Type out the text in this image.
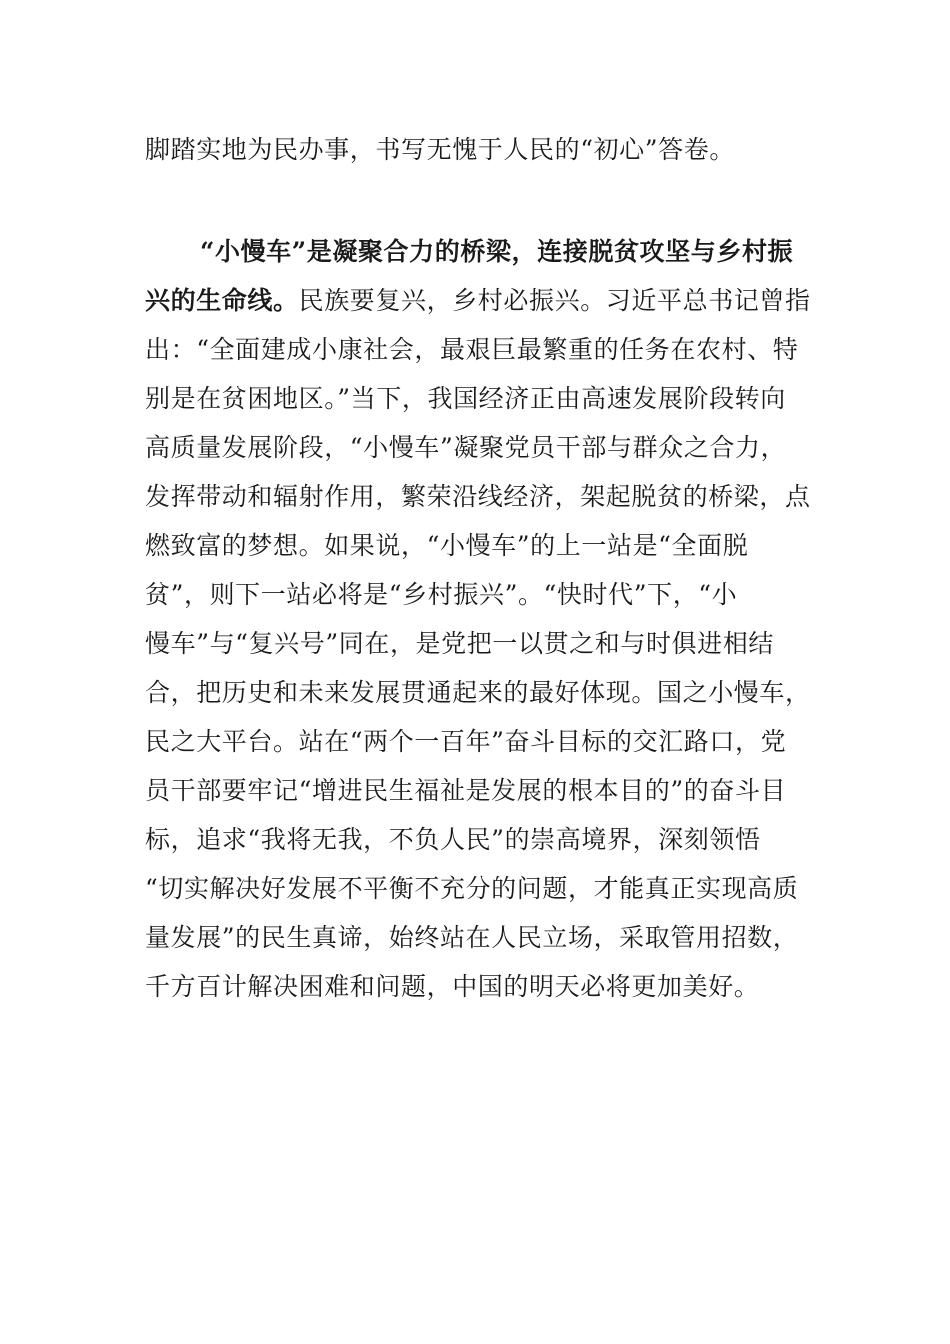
脚踏实地为民办事，书写无愧于人民的“初心”答卷。
“小慢车”是凝聚合力的桥梁，连接脱贫攻坚与乡村振
兴的生命线。民族要复兴，乡村必振兴。习近平总书记曾指
出：“全面建成小康社会，最艰巨最繁重的任务在农村、特
别是在贫困地区。”当下，我国经济正由高速发展阶段转向
高质量发展阶段，“小慢车”凝聚党员干部与群众之合力，
发挥带动和辐射作用，繁荣沿线经济，架起脱贫的桥梁，点
燃致富的梦想。如果说，“小慢车”的上一站是“全面脱
贫”，则下一站必将是“乡村振兴”。“快时代”下，“小
慢车”与“复兴号”同在，是党把一以贯之和与时俱进相结
合，把历史和未来发展贯通起来的最好体现。国之小慢车，
民之大平台。站在“两个一百年”奋斗目标的交汇路口，党
员干部要牢记“增进民生福祉是发展的根本目的”的奋斗目
标，追求“我将无我，不负人民”的崇高境界，深刻领悟
“切实解决好发展不平衡不充分的问题，才能真正实现高质
量发展”的民生真谛，始终站在人民立场，采取管用招数，
千方百计解决困难和问题，中国的明天必将更加美好。
